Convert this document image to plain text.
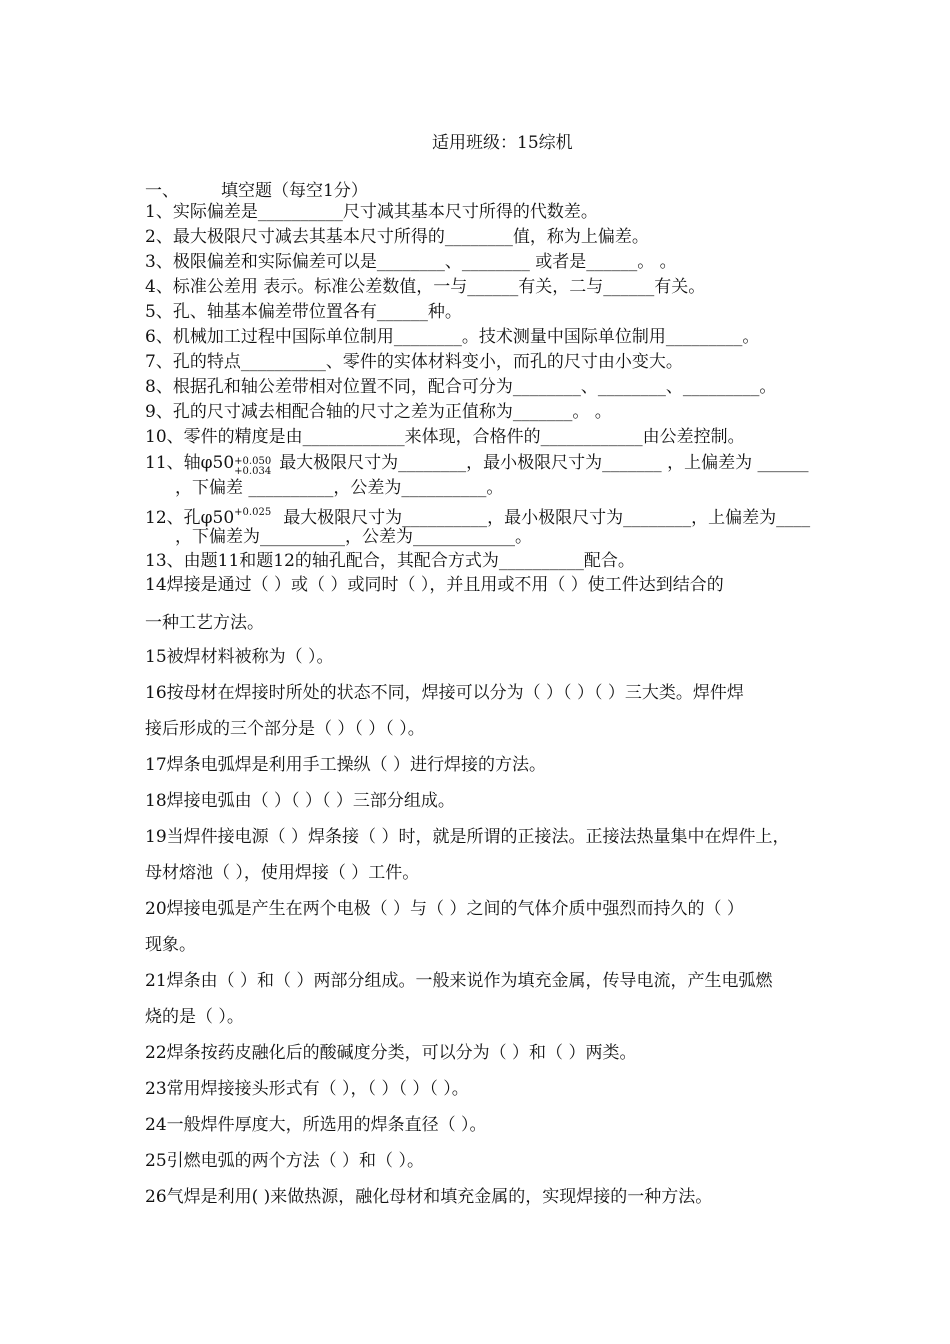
适用班级：15综机
一、 填空题（每空1分）
1、实际偏差是__________尺寸减其基本尺寸所得的代数差。
2、最大极限尺寸减去其基本尺寸所得的________值，称为上偏差。
3、极限偏差和实际偏差可以是________、________ 或者是______。 。
4、标准公差用 表示。标准公差数值，一与______有关，二与______有关。
5、孔、轴基本偏差带位置各有______种。
6、机械加工过程中国际单位制用________。技术测量中国际单位制用_________。
7、孔的特点__________、零件的实体材料变小，而孔的尺寸由小变大。
8、根据孔和轴公差带相对位置不同，配合可分为________、________、_________。
9、孔的尺寸减去相配合轴的尺寸之差为正值称为_______。 。
10、零件的精度是由____________来体现，合格件的____________由公差控制。
11、轴φ50 +0.050
+0.034 最大极限尺寸为________，最小极限尺寸为_______ ，上偏差为 ______
，下偏差 __________，公差为__________。
12、孔$\varphi 50^{+0.025}$ 最大极限尺寸为__________，最小极限尺寸为________，上偏差为____
，下偏差为__________，公差为____________。
13、由题11和题12的轴孔配合，其配合方式为__________配合。
14焊接是通过（ ）或（ ）或同时（ ），并且用或不用（ ）使工件达到结合的
一种工艺方法。
15被焊材料被称为（ ）。
16按母材在焊接时所处的状态不同，焊接可以分为（ ）（ ）（ ）三大类。焊件焊
接后形成的三个部分是（ ）（ ）（ ）。
17焊条电弧焊是利用手工操纵（ ）进行焊接的方法。
18焊接电弧由（ ）（ ）（ ）三部分组成。
19当焊件接电源（ ）焊条接（ ）时，就是所谓的正接法。正接法热量集中在焊件上，
母材熔池（ ），使用焊接（ ）工件。
20焊接电弧是产生在两个电极（ ）与（ ）之间的气体介质中强烈而持久的（ ）
现象。
21焊条由（ ）和（ ）两部分组成。一般来说作为填充金属，传导电流，产生电弧燃
烧的是（ ）。
22焊条按药皮融化后的酸碱度分类，可以分为（ ）和（ ）两类。
23常用焊接接头形式有（ ），（ ）（ ）（ ）。
24一般焊件厚度大，所选用的焊条直径（ ）。
25引燃电弧的两个方法（ ）和（ ）。
26气焊是利用( )来做热源，融化母材和填充金属的，实现焊接的一种方法。
